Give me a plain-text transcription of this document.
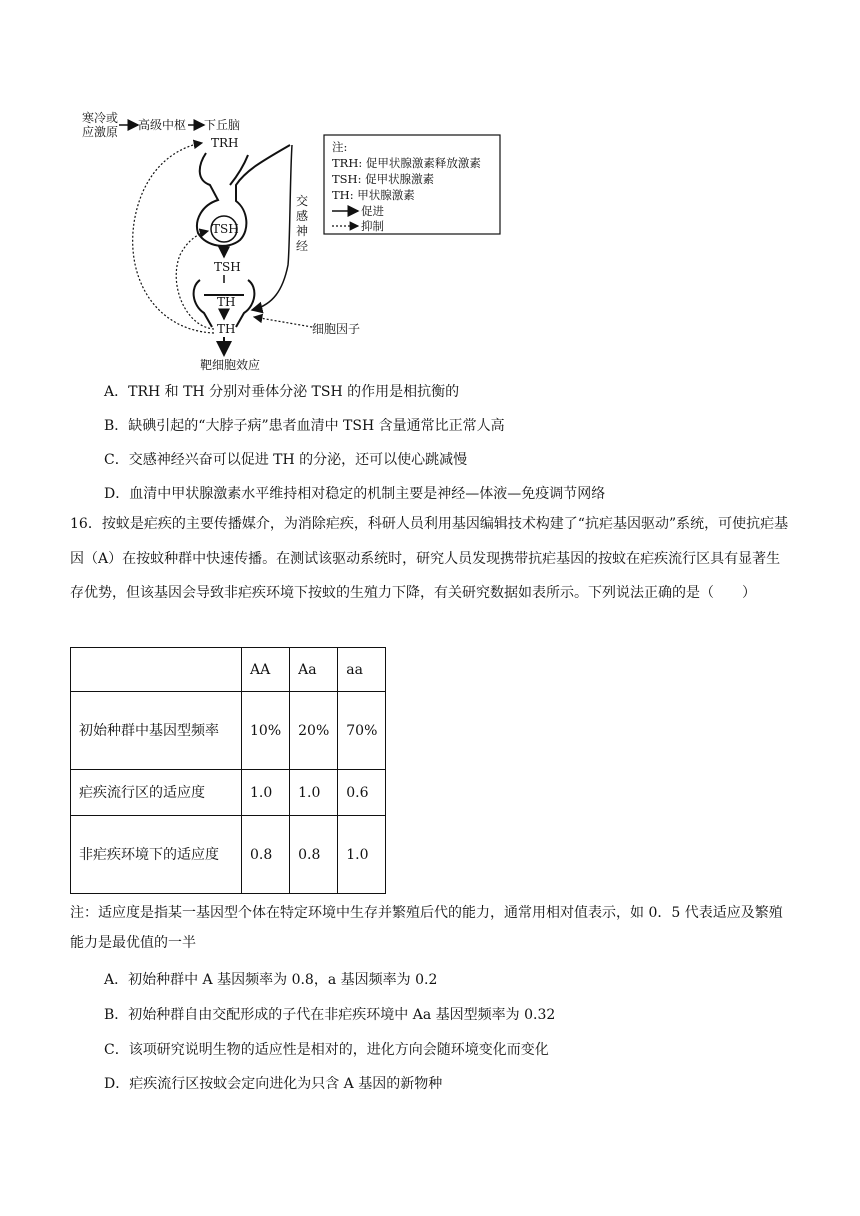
寒冷或
应激原 高级中枢 下丘脑
TRH
TSH
TSH
TH
TH
靶细胞效应
交
感
神
经
细胞因子
注:
TRH: 促甲状腺激素释放激素
TSH: 促甲状腺激素
TH: 甲状腺激素
促进
抑制
A．TRH 和 TH 分别对垂体分泌 TSH 的作用是相抗衡的
B．缺碘引起的“大脖子病”患者血清中 TSH 含量通常比正常人高
C．交感神经兴奋可以促进 TH 的分泌，还可以使心跳减慢
D．血清中甲状腺激素水平维持相对稳定的机制主要是神经—体液—免疫调节网络
16．按蚊是疟疾的主要传播媒介，为消除疟疾，科研人员利用基因编辑技术构建了“抗疟基因驱动”系统，可使抗疟基因（A）在按蚊种群中快速传播。在测试该驱动系统时，研究人员发现携带抗疟基因的按蚊在疟疾流行区具有显著生存优势，但该基因会导致非疟疾环境下按蚊的生殖力下降，有关研究数据如表所示。下列说法正确的是（　　）
	AA	Aa	aa
初始种群中基因型频率	10%	20%	70%
疟疾流行区的适应度	1.0	1.0	0.6
非疟疾环境下的适应度	0.8	0.8	1.0
注：适应度是指某一基因型个体在特定环境中生存并繁殖后代的能力，通常用相对值表示，如 0．5 代表适应及繁殖能力是最优值的一半
A．初始种群中 A 基因频率为 0.8，a 基因频率为 0.2
B．初始种群自由交配形成的子代在非疟疾环境中 Aa 基因型频率为 0.32
C．该项研究说明生物的适应性是相对的，进化方向会随环境变化而变化
D．疟疾流行区按蚊会定向进化为只含 A 基因的新物种
